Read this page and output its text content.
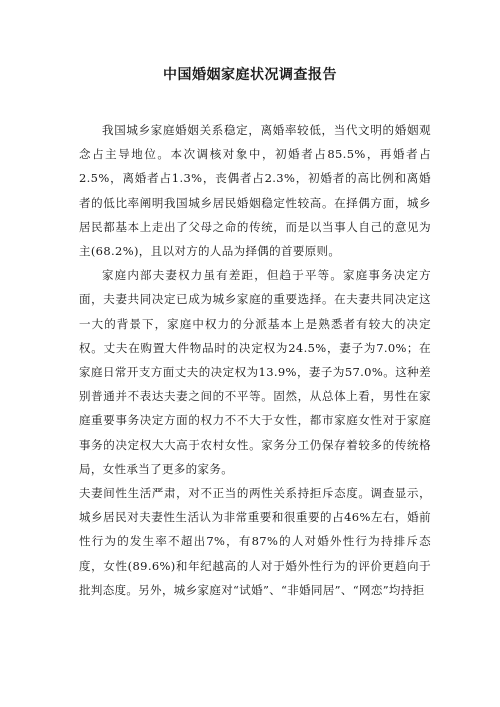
中国婚姻家庭状况调查报告

我国城乡家庭婚姻关系稳定，离婚率较低，当代文明的婚姻观念占主导地位。本次调核对象中，初婚者占85.5%，再婚者占2.5%，离婚者占1.3%，丧偶者占2.3%，初婚者的高比例和离婚者的低比率阐明我国城乡居民婚姻稳定性较高。在择偶方面，城乡居民都基本上走出了父母之命的传统，而是以当事人自己的意见为主(68.2%)，且以对方的人品为择偶的首要原则。

家庭内部夫妻权力虽有差距，但趋于平等。家庭事务决定方面，夫妻共同决定已成为城乡家庭的重要选择。在夫妻共同决定这一大的背景下，家庭中权力的分派基本上是熟悉者有较大的决定权。丈夫在购置大件物品时的决定权为24.5%，妻子为7.0%；在家庭日常开支方面丈夫的决定权为13.9%，妻子为57.0%。这种差别普通并不表达夫妻之间的不平等。固然，从总体上看，男性在家庭重要事务决定方面的权力不不大于女性，都市家庭女性对于家庭事务的决定权大大高于农村女性。家务分工仍保存着较多的传统格局，女性承当了更多的家务。

夫妻间性生活严肃，对不正当的两性关系持拒斥态度。调查显示，城乡居民对夫妻性生活认为非常重要和很重要的占46%左右，婚前性行为的发生率不超出7%，有87%的人对婚外性行为持排斥态度，女性(89.6%)和年纪越高的人对于婚外性行为的评价更趋向于批判态度。另外，城乡家庭对“试婚”、“非婚同居”、“网恋”均持拒
